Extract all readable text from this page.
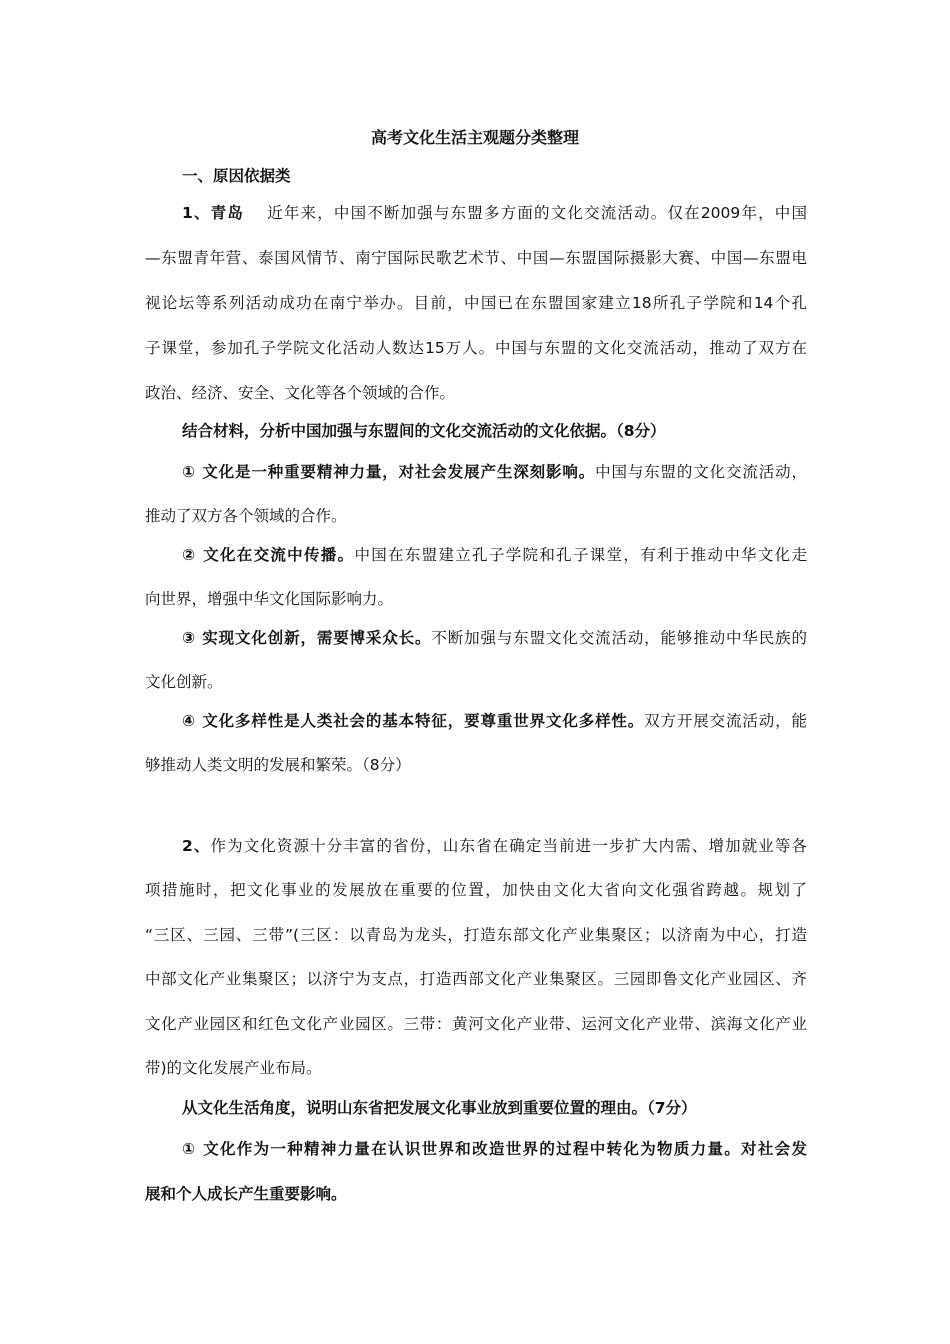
高考文化生活主观题分类整理
一、原因依据类
1、青岛 近年来，中国不断加强与东盟多方面的文化交流活动。仅在2009年，中国
—东盟青年营、泰国风情节、南宁国际民歌艺术节、中国—东盟国际摄影大赛、中国—东盟电
视论坛等系列活动成功在南宁举办。目前，中国已在东盟国家建立18所孔子学院和14个孔
子课堂，参加孔子学院文化活动人数达15万人。中国与东盟的文化交流活动，推动了双方在
政治、经济、安全、文化等各个领域的合作。
结合材料，分析中国加强与东盟间的文化交流活动的文化依据。（8分）
① 文化是一种重要精神力量，对社会发展产生深刻影响。中国与东盟的文化交流活动，
推动了双方各个领域的合作。
② 文化在交流中传播。中国在东盟建立孔子学院和孔子课堂，有利于推动中华文化走
向世界，增强中华文化国际影响力。
③ 实现文化创新，需要博采众长。不断加强与东盟文化交流活动，能够推动中华民族的
文化创新。
④ 文化多样性是人类社会的基本特征，要尊重世界文化多样性。双方开展交流活动，能
够推动人类文明的发展和繁荣。（8分）
2、作为文化资源十分丰富的省份，山东省在确定当前进一步扩大内需、增加就业等各
项措施时，把文化事业的发展放在重要的位置，加快由文化大省向文化强省跨越。规划了
“三区、三园、三带”(三区：以青岛为龙头，打造东部文化产业集聚区；以济南为中心，打造
中部文化产业集聚区；以济宁为支点，打造西部文化产业集聚区。三园即鲁文化产业园区、齐
文化产业园区和红色文化产业园区。三带：黄河文化产业带、运河文化产业带、滨海文化产业
带)的文化发展产业布局。
从文化生活角度，说明山东省把发展文化事业放到重要位置的理由。（7分）
① 文化作为一种精神力量在认识世界和改造世界的过程中转化为物质力量。对社会发
展和个人成长产生重要影响。
